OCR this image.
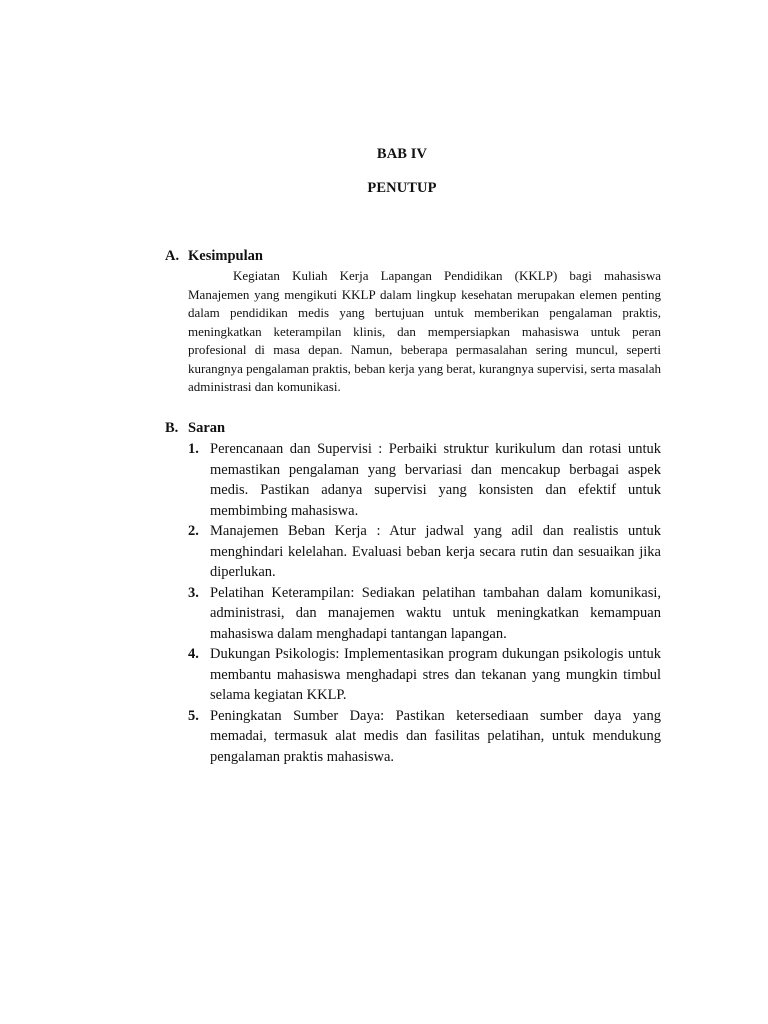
BAB IV
PENUTUP
A. Kesimpulan
Kegiatan Kuliah Kerja Lapangan Pendidikan (KKLP) bagi mahasiswa Manajemen yang mengikuti KKLP dalam lingkup kesehatan merupakan elemen penting dalam pendidikan medis yang bertujuan untuk memberikan pengalaman praktis, meningkatkan keterampilan klinis, dan mempersiapkan mahasiswa untuk peran profesional di masa depan. Namun, beberapa permasalahan sering muncul, seperti kurangnya pengalaman praktis, beban kerja yang berat, kurangnya supervisi, serta masalah administrasi dan komunikasi.
B. Saran
1. Perencanaan dan Supervisi : Perbaiki struktur kurikulum dan rotasi untuk memastikan pengalaman yang bervariasi dan mencakup berbagai aspek medis. Pastikan adanya supervisi yang konsisten dan efektif untuk membimbing mahasiswa.
2. Manajemen Beban Kerja : Atur jadwal yang adil dan realistis untuk menghindari kelelahan. Evaluasi beban kerja secara rutin dan sesuaikan jika diperlukan.
3. Pelatihan Keterampilan: Sediakan pelatihan tambahan dalam komunikasi, administrasi, dan manajemen waktu untuk meningkatkan kemampuan mahasiswa dalam menghadapi tantangan lapangan.
4. Dukungan Psikologis: Implementasikan program dukungan psikologis untuk membantu mahasiswa menghadapi stres dan tekanan yang mungkin timbul selama kegiatan KKLP.
5. Peningkatan Sumber Daya: Pastikan ketersediaan sumber daya yang memadai, termasuk alat medis dan fasilitas pelatihan, untuk mendukung pengalaman praktis mahasiswa.
